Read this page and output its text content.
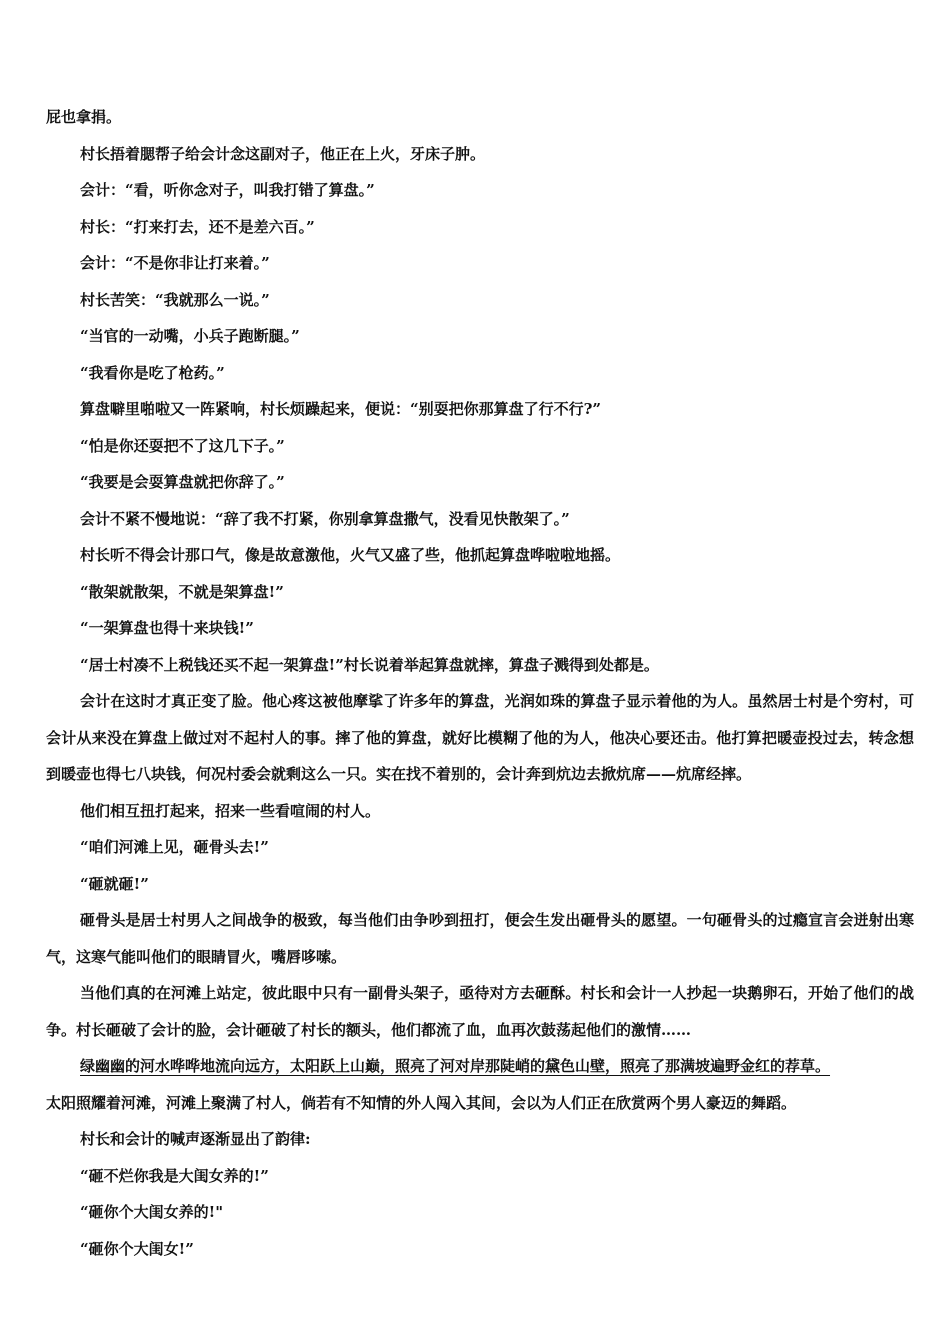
屁也拿捐。

村长捂着腮帮子给会计念这副对子，他正在上火，牙床子肿。

会计：“看，听你念对子，叫我打错了算盘。”

村长：“打来打去，还不是差六百。”

会计：“不是你非让打来着。”

村长苦笑：“我就那么一说。”

“当官的一动嘴，小兵子跑断腿。”

“我看你是吃了枪药。”

算盘噼里啪啦又一阵紧响，村长烦躁起来，便说：“别耍把你那算盘了行不行?”

“怕是你还耍把不了这几下子。”

“我要是会耍算盘就把你辞了。”

会计不紧不慢地说：“辞了我不打紧，你别拿算盘撒气，没看见快散架了。”

村长听不得会计那口气，像是故意激他，火气又盛了些，他抓起算盘哗啦啦地摇。

“散架就散架，不就是架算盘!”

“一架算盘也得十来块钱!”

“居士村凑不上税钱还买不起一架算盘!”村长说着举起算盘就摔，算盘子溅得到处都是。

会计在这时才真正变了脸。他心疼这被他摩挲了许多年的算盘，光润如珠的算盘子显示着他的为人。虽然居士村是个穷村，可会计从来没在算盘上做过对不起村人的事。摔了他的算盘，就好比模糊了他的为人，他决心要还击。他打算把暖壶投过去，转念想到暖壶也得七八块钱，何况村委会就剩这么一只。实在找不着别的，会计奔到炕边去掀炕席——炕席经摔。

他们相互扭打起来，招来一些看喧闹的村人。

“咱们河滩上见，砸骨头去!”

“砸就砸!”

砸骨头是居士村男人之间战争的极致，每当他们由争吵到扭打，便会生发出砸骨头的愿望。一句砸骨头的过瘾宣言会迸射出寒气，这寒气能叫他们的眼睛冒火，嘴唇哆嗦。

当他们真的在河滩上站定，彼此眼中只有一副骨头架子，亟待对方去砸酥。村长和会计一人抄起一块鹅卵石，开始了他们的战争。村长砸破了会计的脸，会计砸破了村长的额头，他们都流了血，血再次鼓荡起他们的激情……

绿幽幽的河水哗哗地流向远方，太阳跃上山巅，照亮了河对岸那陡峭的黛色山壁，照亮了那满坡遍野金红的荐草。

太阳照耀着河滩，河滩上聚满了村人，倘若有不知情的外人闯入其间，会以为人们正在欣赏两个男人豪迈的舞蹈。

村长和会计的喊声逐渐显出了韵律:

“砸不烂你我是大闺女养的!”

“砸你个大闺女养的!"

“砸你个大闺女!”
